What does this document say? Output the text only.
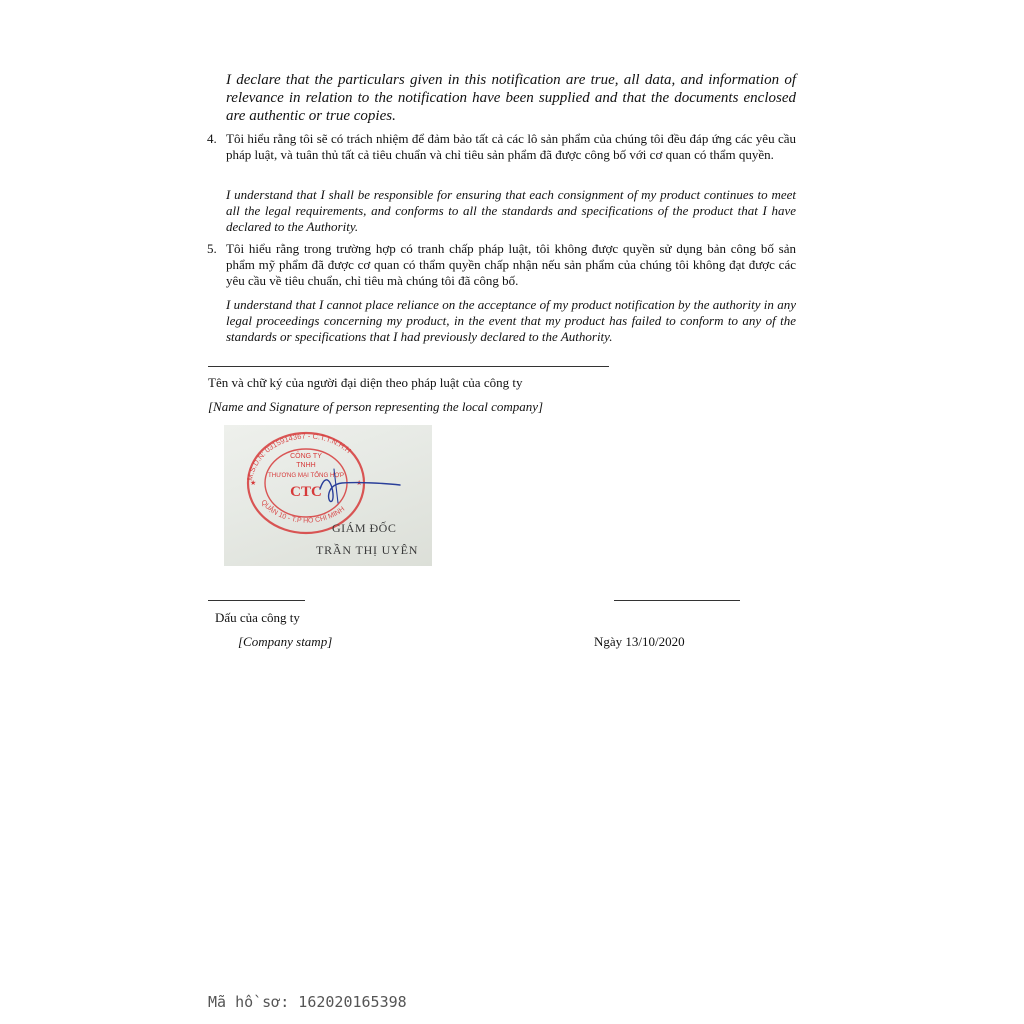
I declare that the particulars given in this notification are true, all data, and information of relevance in relation to the notification have been supplied and that the documents enclosed are authentic or true copies.
4. Tôi hiểu rằng tôi sẽ có trách nhiệm để đảm bảo tất cả các lô sản phẩm của chúng tôi đều đáp ứng các yêu cầu pháp luật, và tuân thủ tất cả tiêu chuẩn và chỉ tiêu sản phẩm đã được công bố với cơ quan có thẩm quyền.
I understand that I shall be responsible for ensuring that each consignment of my product continues to meet all the legal requirements, and conforms to all the standards and specifications of the product that I have declared to the Authority.
5. Tôi hiểu rằng trong trường hợp có tranh chấp pháp luật, tôi không được quyền sử dụng bản công bố sản phẩm mỹ phẩm đã được cơ quan có thẩm quyền chấp nhận nếu sản phẩm của chúng tôi không đạt được các yêu cầu về tiêu chuẩn, chỉ tiêu mà chúng tôi đã công bố.
I understand that I cannot place reliance on the acceptance of my product notification by the authority in any legal proceedings concerning my product, in the event that my product has failed to conform to any of the standards or specifications that I had previously declared to the Authority.
Tên và chữ ký của người đại diện theo pháp luật của công ty
[Name and Signature of person representing the local company]
M.S.D.N: 0315914367 - C.T.T.N.H.H
QUẬN 10 - T.P HỒ CHÍ MINH
CÔNG TY
TNHH
THƯƠNG MẠI TỔNG HỢP
CTC
★	★
GIÁM ĐỐC
TRẦN THỊ UYÊN
Dấu của công ty
[Company stamp]	Ngày 13/10/2020
Mã hồ sơ: 162020165398
